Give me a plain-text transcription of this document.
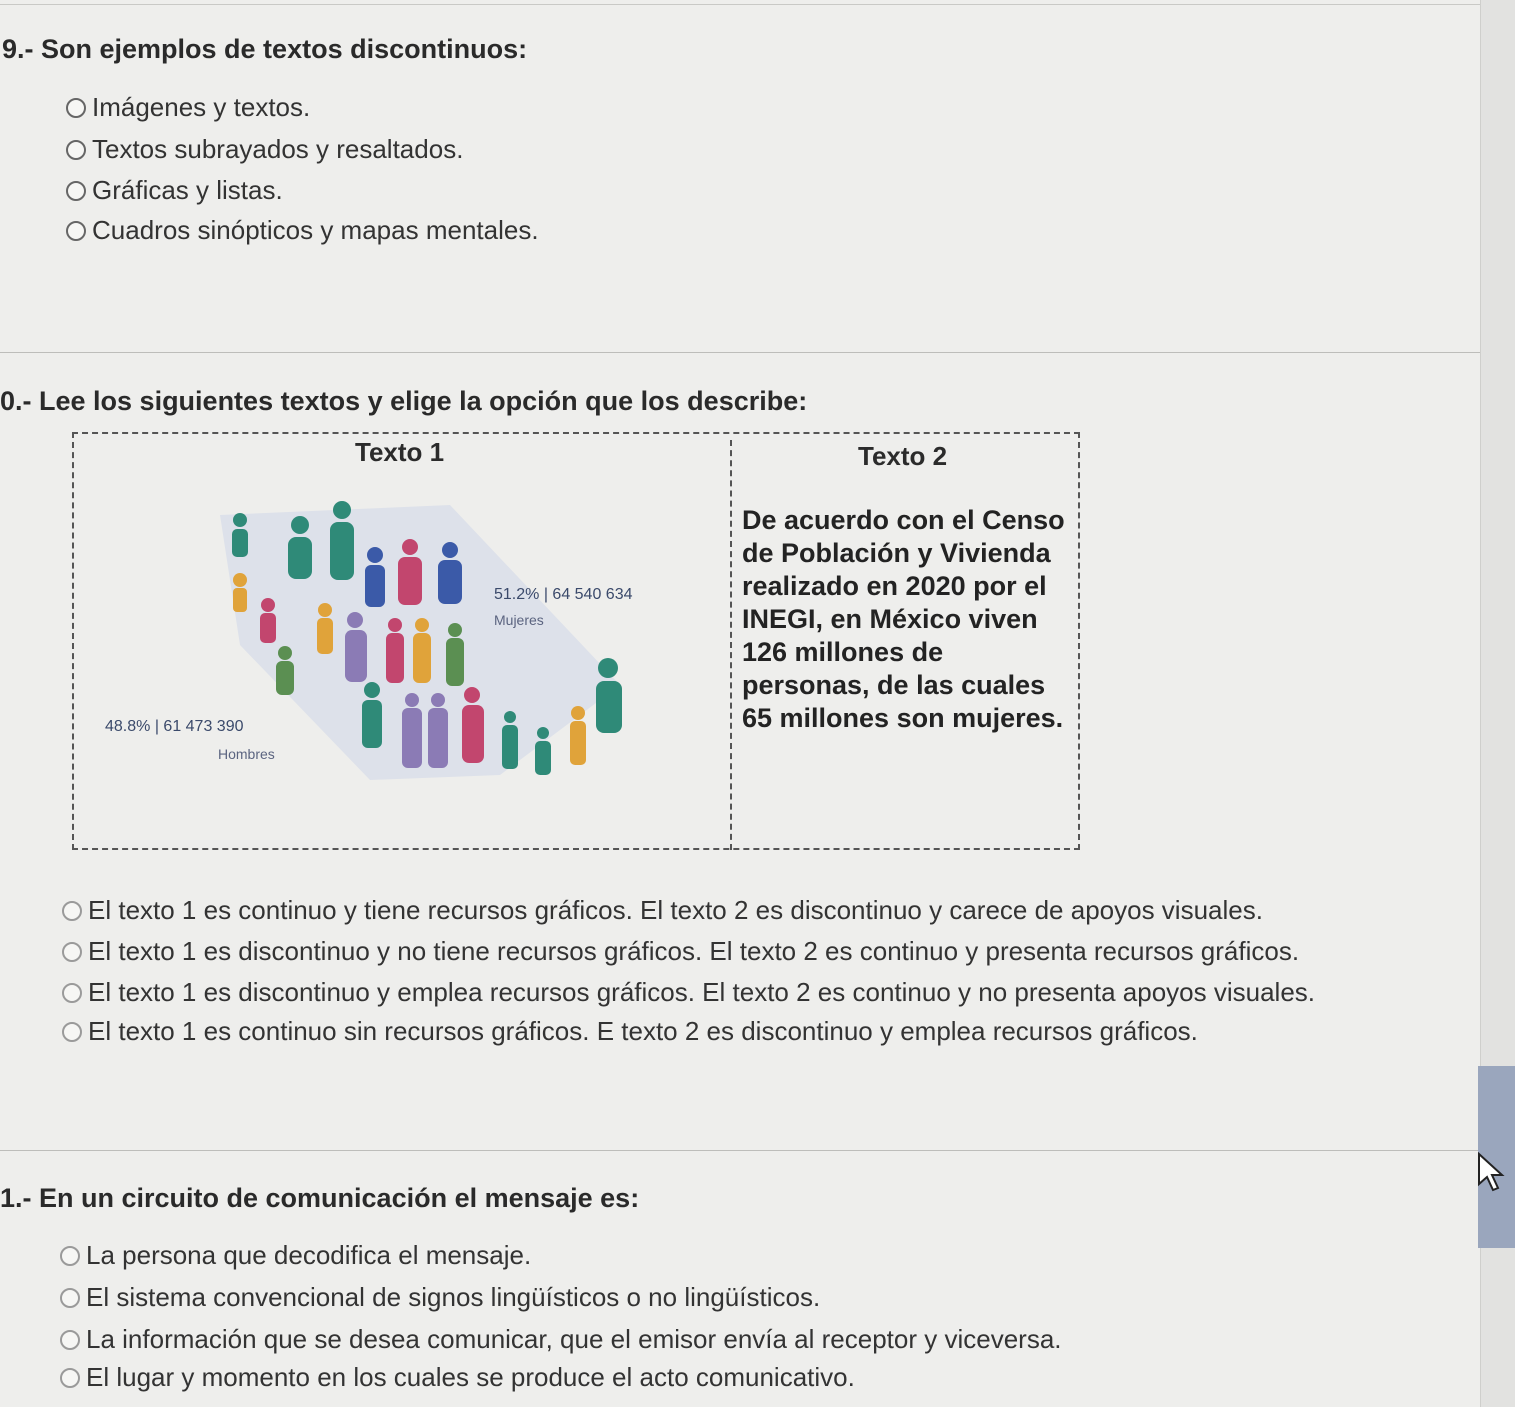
9.- Son ejemplos de textos discontinuos:
Imágenes y textos.
Textos subrayados y resaltados.
Gráficas y listas.
Cuadros sinópticos y mapas mentales.
0.- Lee los siguientes textos y elige la opción que los describe:
Texto 1	Texto 2
51.2% | 64 540 634
Mujeres
48.8% | 61 473 390
Hombres
De acuerdo con el Censo de Población y Vivienda realizado en 2020 por el INEGI, en México viven 126 millones de personas, de las cuales 65 millones son mujeres.
El texto 1 es continuo y tiene recursos gráficos. El texto 2 es discontinuo y carece de apoyos visuales.
El texto 1 es discontinuo y no tiene recursos gráficos. El texto 2 es continuo y presenta recursos gráficos.
El texto 1 es discontinuo y emplea recursos gráficos. El texto 2 es continuo y no presenta apoyos visuales.
El texto 1 es continuo sin recursos gráficos. E texto 2 es discontinuo y emplea recursos gráficos.
1.- En un circuito de comunicación el mensaje es:
La persona que decodifica el mensaje.
El sistema convencional de signos lingüísticos o no lingüísticos.
La información que se desea comunicar, que el emisor envía al receptor y viceversa.
El lugar y momento en los cuales se produce el acto comunicativo.
